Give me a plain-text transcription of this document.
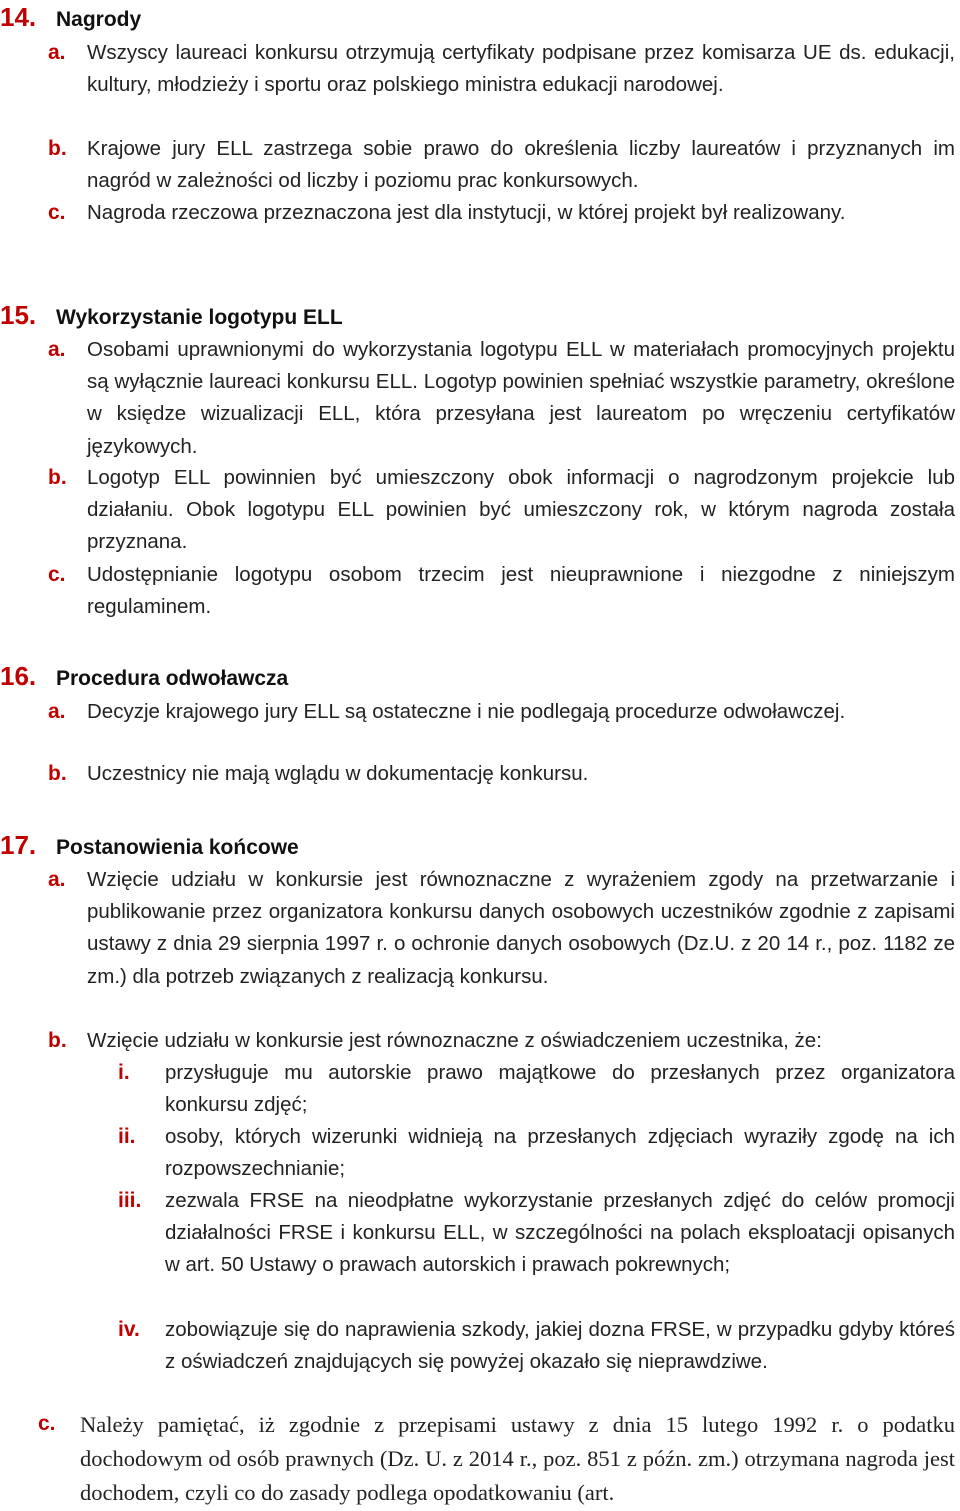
14. Nagrody
a. Wszyscy laureaci konkursu otrzymują certyfikaty podpisane przez komisarza UE ds. edukacji, kultury, młodzieży i sportu oraz polskiego ministra edukacji narodowej.
b. Krajowe jury ELL zastrzega sobie prawo do określenia liczby laureatów i przyznanych im nagród w zależności od liczby i poziomu prac konkursowych.
c. Nagroda rzeczowa przeznaczona jest dla instytucji, w której projekt był realizowany.
15. Wykorzystanie logotypu ELL
a. Osobami uprawnionymi do wykorzystania logotypu ELL w materiałach promocyjnych projektu są wyłącznie laureaci konkursu ELL. Logotyp powinien spełniać wszystkie parametry, określone w księdze wizualizacji ELL, która przesyłana jest laureatom po wręczeniu certyfikatów językowych.
b. Logotyp ELL powinnien być umieszczony obok informacji o nagrodzonym projekcie lub działaniu. Obok logotypu ELL powinien być umieszczony rok, w którym nagroda została przyznana.
c. Udostępnianie logotypu osobom trzecim jest nieuprawnione i niezgodne z niniejszym regulaminem.
16. Procedura odwoławcza
a. Decyzje krajowego jury ELL są ostateczne i nie podlegają procedurze odwoławczej.
b. Uczestnicy nie mają wglądu w dokumentację konkursu.
17. Postanowienia końcowe
a. Wzięcie udziału w konkursie jest równoznaczne z wyrażeniem zgody na przetwarzanie i publikowanie przez organizatora konkursu danych osobowych uczestników zgodnie z zapisami ustawy z dnia 29 sierpnia 1997 r. o ochronie danych osobowych (Dz.U. z 20 14 r., poz. 1182 ze zm.) dla potrzeb związanych z realizacją konkursu.
b. Wzięcie udziału w konkursie jest równoznaczne z oświadczeniem uczestnika, że:
i.	przysługuje mu autorskie prawo majątkowe do przesłanych przez organizatora konkursu zdjęć;
ii.	osoby, których wizerunki widnieją na przesłanych zdjęciach wyraziły zgodę na ich rozpowszechnianie;
iii.	zezwala FRSE na nieodpłatne wykorzystanie przesłanych zdjęć do celów promocji działalności FRSE i konkursu ELL, w szczególności na polach eksploatacji opisanych w art. 50 Ustawy o prawach autorskich i prawach pokrewnych;
iv.	zobowiązuje się do naprawienia szkody, jakiej dozna FRSE, w przypadku gdyby któreś z oświadczeń znajdujących się powyżej okazało się nieprawdziwe.
c. Należy pamiętać, iż zgodnie z przepisami ustawy z dnia 15 lutego 1992 r. o podatku dochodowym od osób prawnych (Dz. U. z 2014 r., poz. 851 z późn. zm.) otrzymana nagroda jest dochodem, czyli co do zasady podlega opodatkowaniu (art.
